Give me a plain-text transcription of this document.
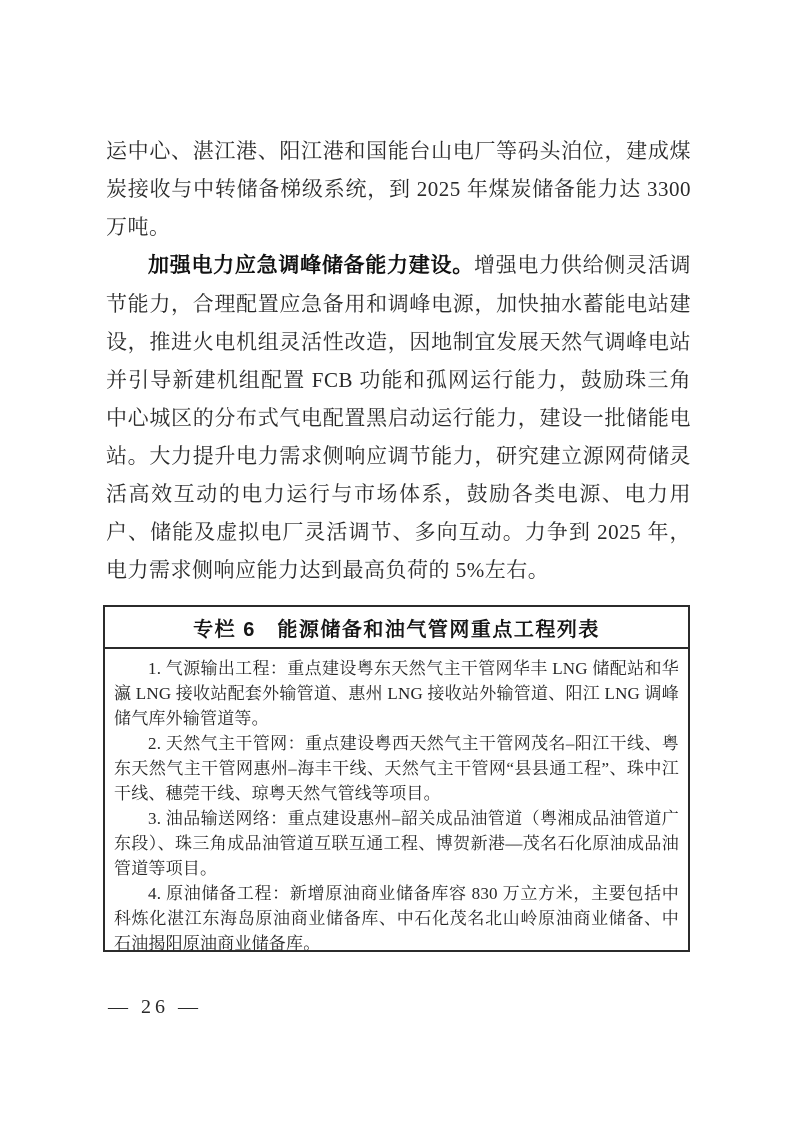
运中心、湛江港、阳江港和国能台山电厂等码头泊位，建成煤炭接收与中转储备梯级系统，到 2025 年煤炭储备能力达 3300 万吨。

加强电力应急调峰储备能力建设。增强电力供给侧灵活调节能力，合理配置应急备用和调峰电源，加快抽水蓄能电站建设，推进火电机组灵活性改造，因地制宜发展天然气调峰电站并引导新建机组配置 FCB 功能和孤网运行能力，鼓励珠三角中心城区的分布式气电配置黑启动运行能力，建设一批储能电站。大力提升电力需求侧响应调节能力，研究建立源网荷储灵活高效互动的电力运行与市场体系，鼓励各类电源、电力用户、储能及虚拟电厂灵活调节、多向互动。力争到 2025 年，电力需求侧响应能力达到最高负荷的 5%左右。

专栏 6　能源储备和油气管网重点工程列表

1. 气源输出工程：重点建设粤东天然气主干管网华丰 LNG 储配站和华瀛 LNG 接收站配套外输管道、惠州 LNG 接收站外输管道、阳江 LNG 调峰储气库外输管道等。

2. 天然气主干管网：重点建设粤西天然气主干管网茂名–阳江干线、粤东天然气主干管网惠州–海丰干线、天然气主干管网“县县通工程”、珠中江干线、穗莞干线、琼粤天然气管线等项目。

3. 油品输送网络：重点建设惠州–韶关成品油管道（粤湘成品油管道广东段）、珠三角成品油管道互联互通工程、博贺新港—茂名石化原油成品油管道等项目。

4. 原油储备工程：新增原油商业储备库容 830 万立方米，主要包括中科炼化湛江东海岛原油商业储备库、中石化茂名北山岭原油商业储备、中石油揭阳原油商业储备库。

— 26 —
